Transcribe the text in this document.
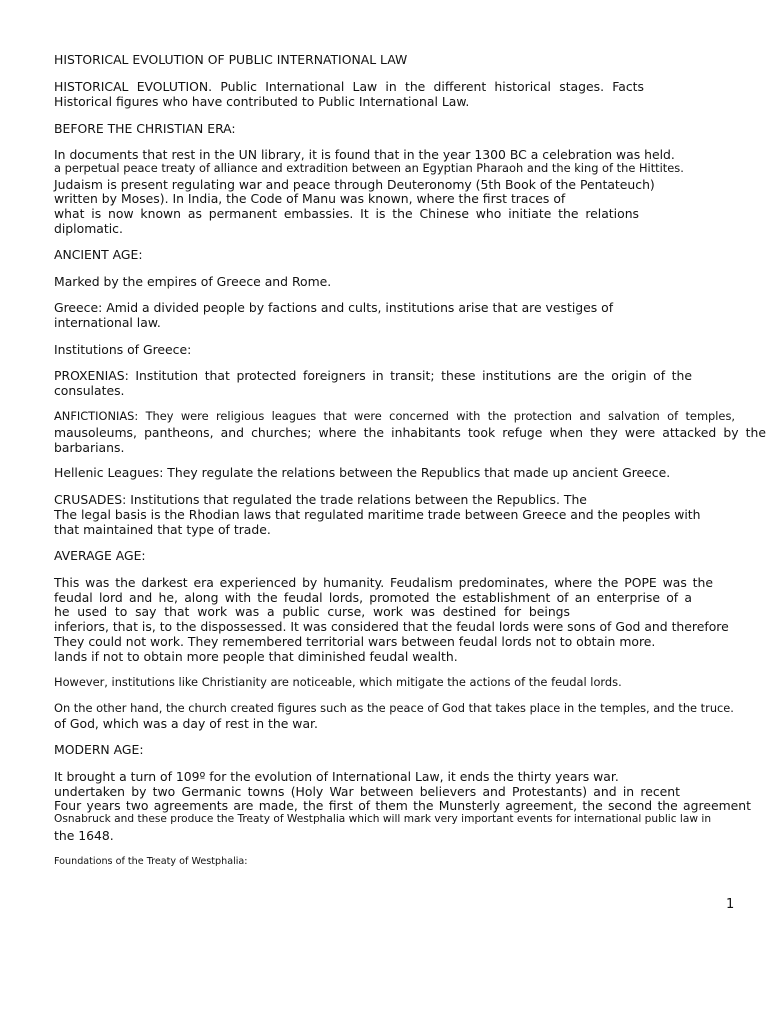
HISTORICAL EVOLUTION OF PUBLIC INTERNATIONAL LAW
HISTORICAL EVOLUTION. Public International Law in the different historical stages. Facts
Historical figures who have contributed to Public International Law.
BEFORE THE CHRISTIAN ERA:
In documents that rest in the UN library, it is found that in the year 1300 BC a celebration was held.
a perpetual peace treaty of alliance and extradition between an Egyptian Pharaoh and the king of the Hittites.
Judaism is present regulating war and peace through Deuteronomy (5th Book of the Pentateuch)
written by Moses). In India, the Code of Manu was known, where the first traces of
what is now known as permanent embassies. It is the Chinese who initiate the relations
diplomatic.
ANCIENT AGE:
Marked by the empires of Greece and Rome.
Greece: Amid a divided people by factions and cults, institutions arise that are vestiges of
international law.
Institutions of Greece:
PROXENIAS: Institution that protected foreigners in transit; these institutions are the origin of the
consulates.
ANFICTIONIAS: They were religious leagues that were concerned with the protection and salvation of temples,
mausoleums, pantheons, and churches; where the inhabitants took refuge when they were attacked by the
barbarians.
Hellenic Leagues: They regulate the relations between the Republics that made up ancient Greece.
CRUSADES: Institutions that regulated the trade relations between the Republics. The
The legal basis is the Rhodian laws that regulated maritime trade between Greece and the peoples with
that maintained that type of trade.
AVERAGE AGE:
This was the darkest era experienced by humanity. Feudalism predominates, where the POPE was the
feudal lord and he, along with the feudal lords, promoted the establishment of an enterprise of a
he used to say that work was a public curse, work was destined for beings
inferiors, that is, to the dispossessed. It was considered that the feudal lords were sons of God and therefore
They could not work. They remembered territorial wars between feudal lords not to obtain more.
lands if not to obtain more people that diminished feudal wealth.
However, institutions like Christianity are noticeable, which mitigate the actions of the feudal lords.
On the other hand, the church created figures such as the peace of God that takes place in the temples, and the truce.
of God, which was a day of rest in the war.
MODERN AGE:
It brought a turn of 109º for the evolution of International Law, it ends the thirty years war.
undertaken by two Germanic towns (Holy War between believers and Protestants) and in recent
Four years two agreements are made, the first of them the Munsterly agreement, the second the agreement
Osnabruck and these produce the Treaty of Westphalia which will mark very important events for international public law in
the 1648.
Foundations of the Treaty of Westphalia:
1
